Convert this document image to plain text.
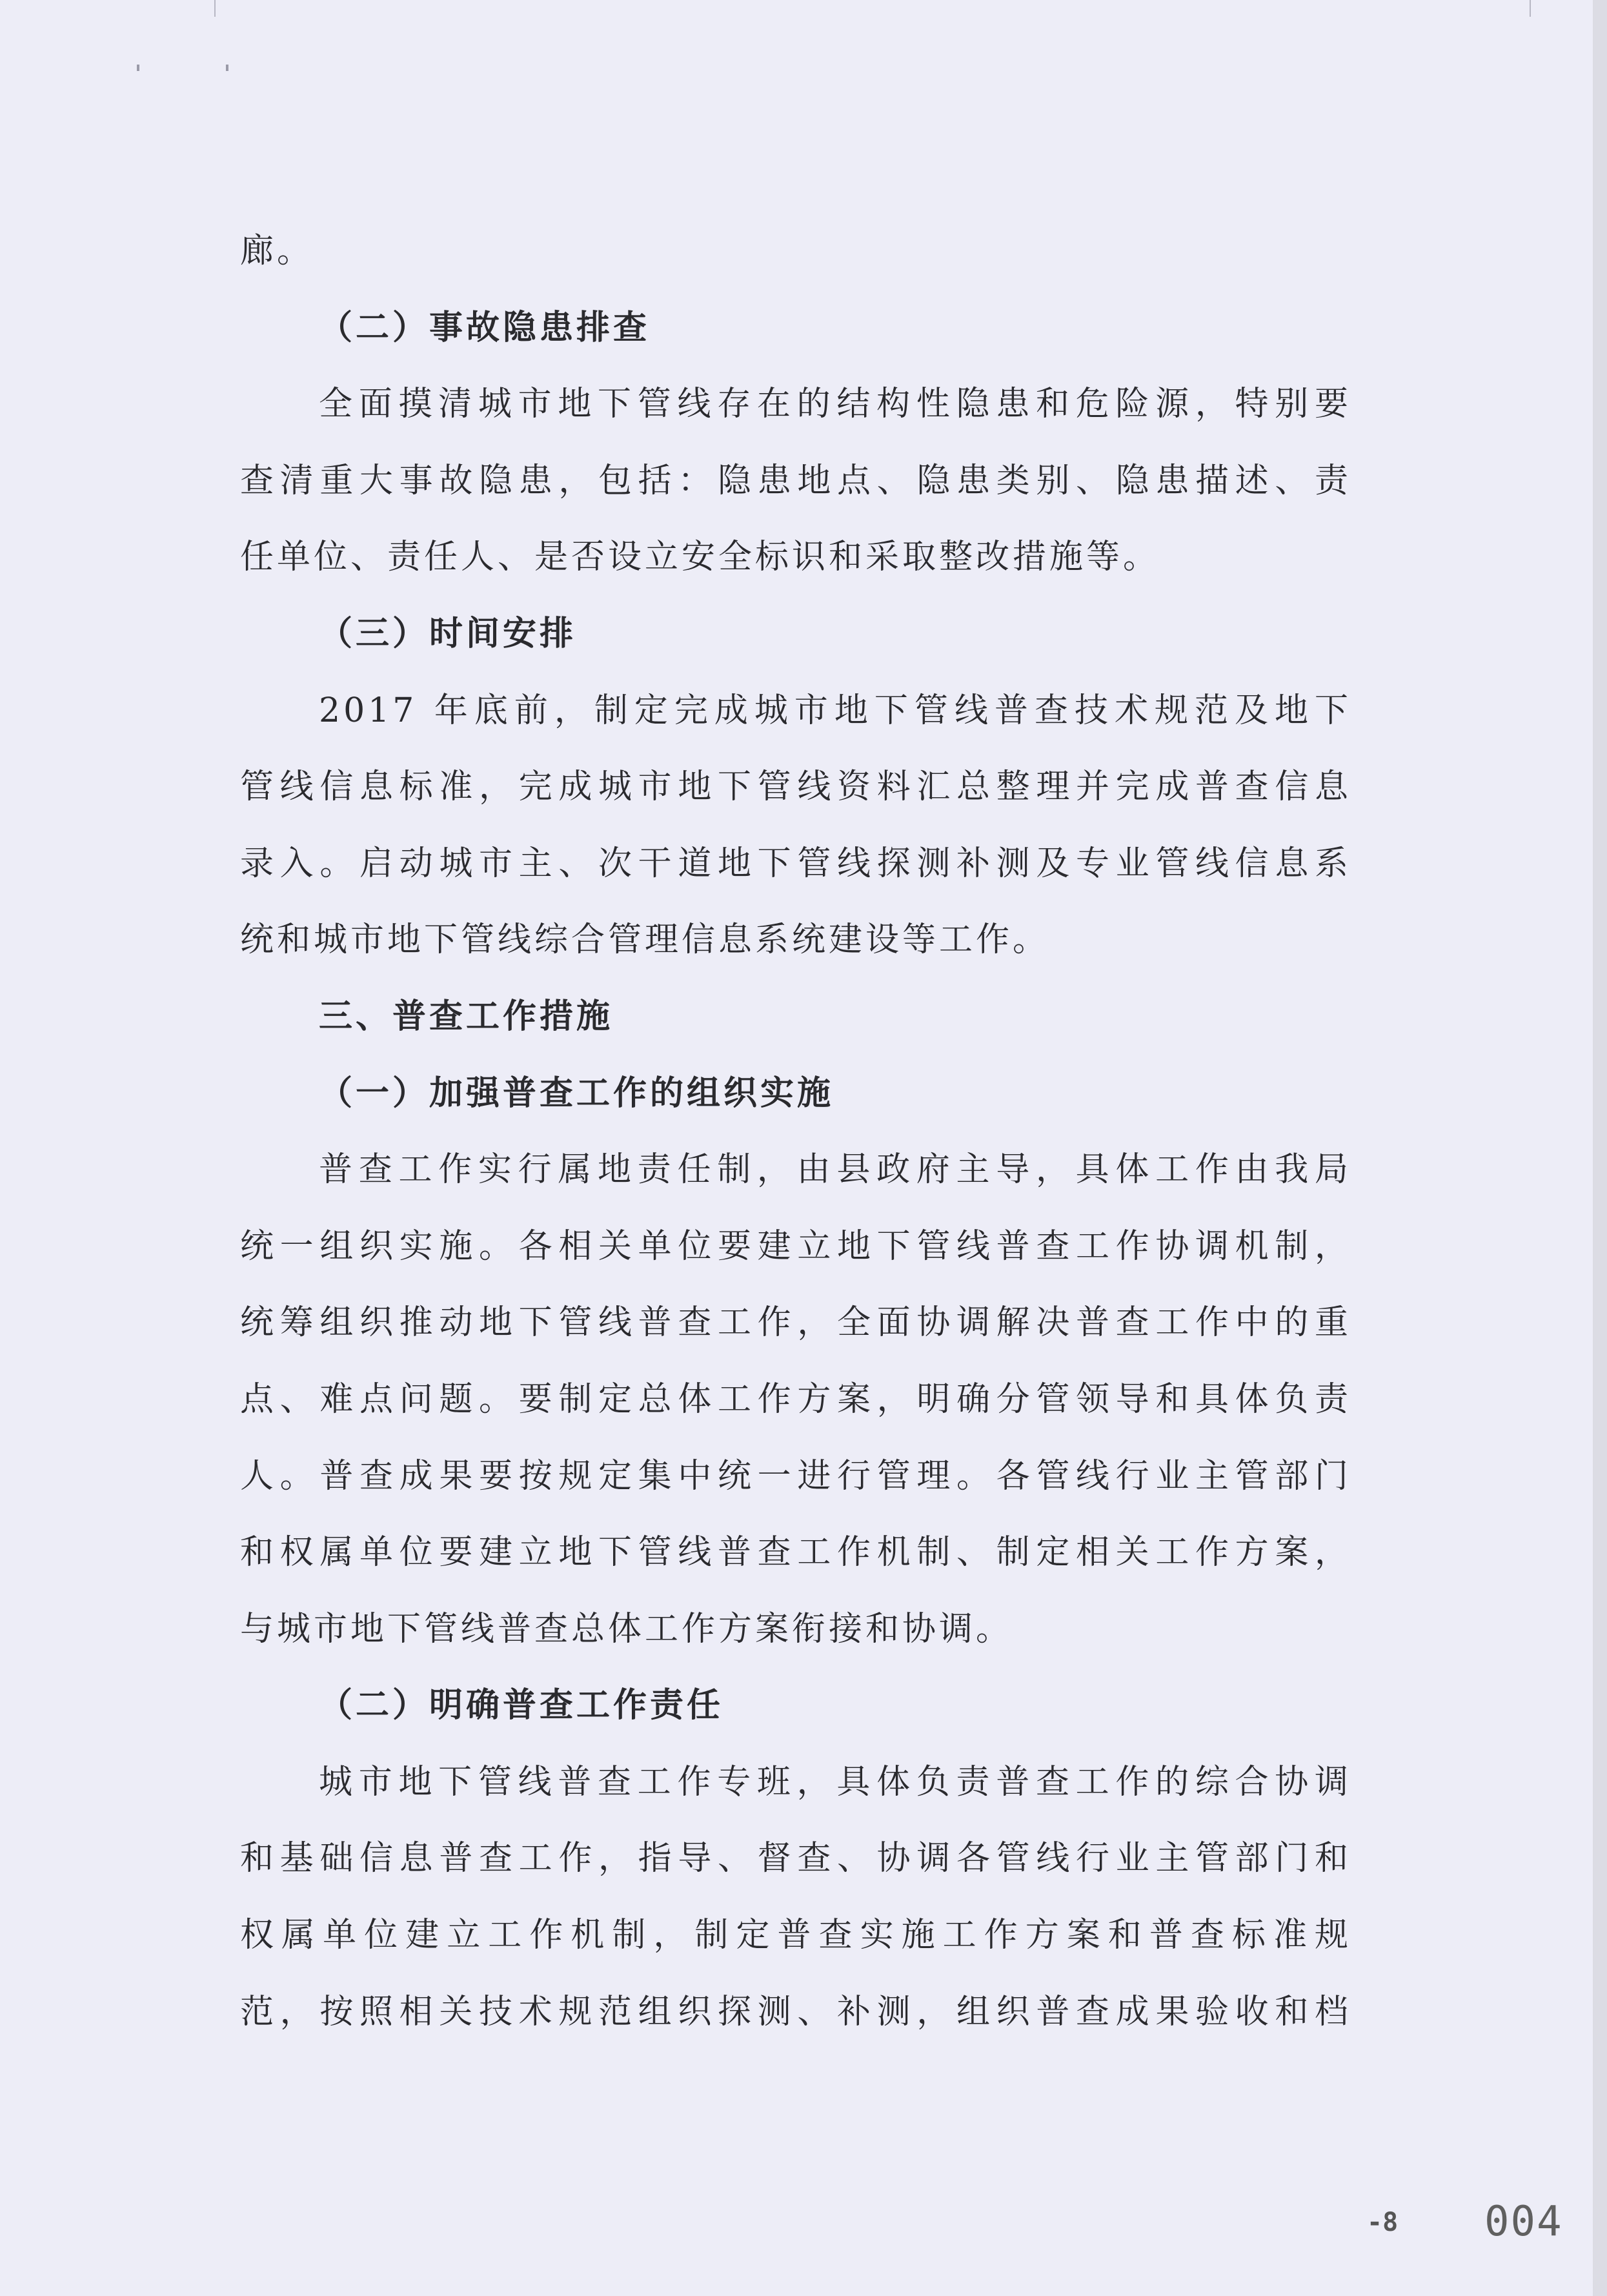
廊。
（二）事故隐患排查
全面摸清城市地下管线存在的结构性隐患和危险源，特别要
查清重大事故隐患，包括：隐患地点、隐患类别、隐患描述、责
任单位、责任人、是否设立安全标识和采取整改措施等。
（三）时间安排
2017 年底前，制定完成城市地下管线普查技术规范及地下
管线信息标准，完成城市地下管线资料汇总整理并完成普查信息
录入。启动城市主、次干道地下管线探测补测及专业管线信息系
统和城市地下管线综合管理信息系统建设等工作。
三、普查工作措施
（一）加强普查工作的组织实施
普查工作实行属地责任制，由县政府主导，具体工作由我局
统一组织实施。各相关单位要建立地下管线普查工作协调机制，
统筹组织推动地下管线普查工作，全面协调解决普查工作中的重
点、难点问题。要制定总体工作方案，明确分管领导和具体负责
人。普查成果要按规定集中统一进行管理。各管线行业主管部门
和权属单位要建立地下管线普查工作机制、制定相关工作方案，
与城市地下管线普查总体工作方案衔接和协调。
（二）明确普查工作责任
城市地下管线普查工作专班，具体负责普查工作的综合协调
和基础信息普查工作，指导、督查、协调各管线行业主管部门和
权属单位建立工作机制，制定普查实施工作方案和普查标准规
范，按照相关技术规范组织探测、补测，组织普查成果验收和档
-8 004
